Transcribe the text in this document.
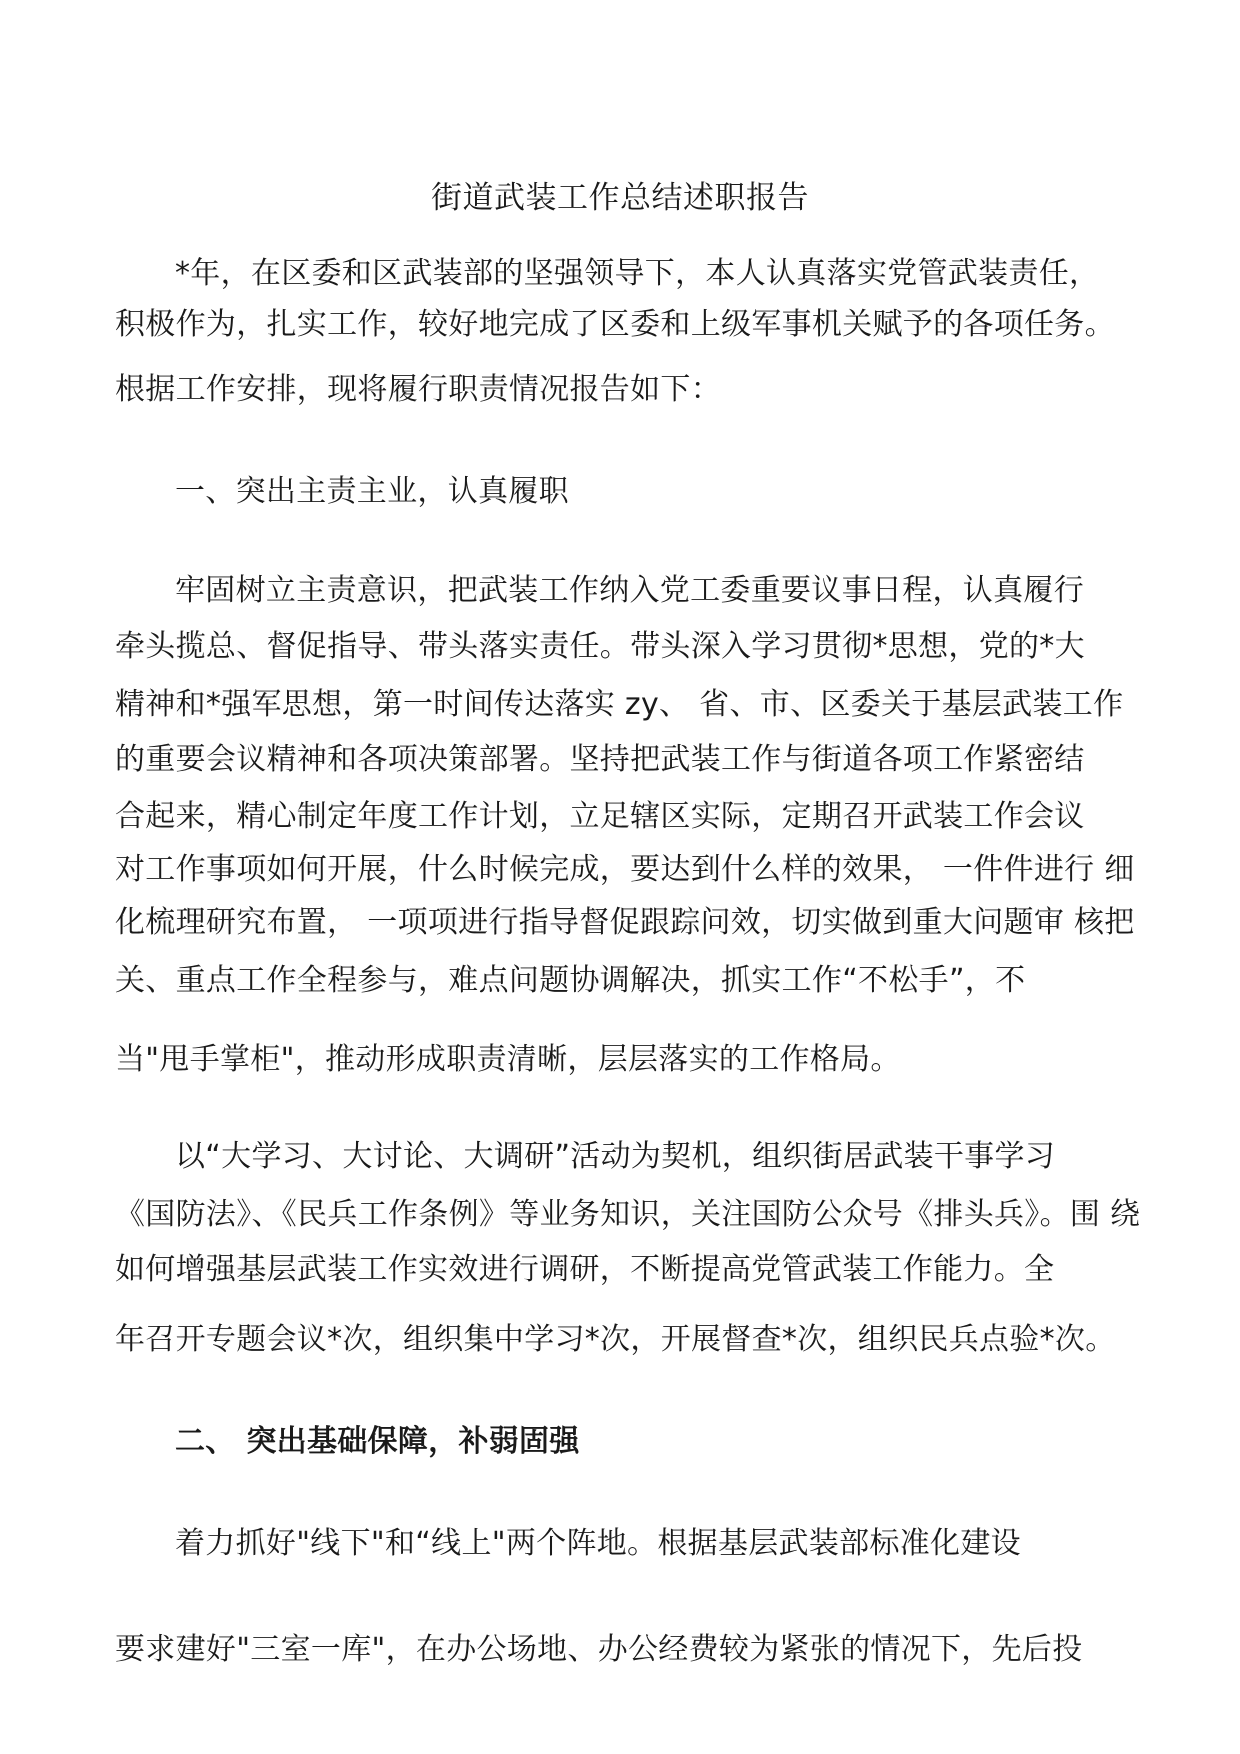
街道武装工作总结述职报告
*年，在区委和区武装部的坚强领导下，本人认真落实党管武装责任，
积极作为，扎实工作，较好地完成了区委和上级军事机关赋予的各项任务。
根据工作安排，现将履行职责情况报告如下：
一、突出主责主业，认真履职
牢固树立主责意识，把武装工作纳入党工委重要议事日程，认真履行
牵头揽总、督促指导、带头落实责任。带头深入学习贯彻*思想，党的*大
精神和*强军思想，第一时间传达落实 zy、 省、市、区委关于基层武装工作
的重要会议精神和各项决策部署。坚持把武装工作与街道各项工作紧密结
合起来，精心制定年度工作计划，立足辖区实际，定期召开武装工作会议
对工作事项如何开展，什么时候完成，要达到什么样的效果， 一件件进行 细
化梳理研究布置， 一项项进行指导督促跟踪问效，切实做到重大问题审 核把
关、重点工作全程参与，难点问题协调解决，抓实工作“不松手”，不
当"甩手掌柜"，推动形成职责清晰，层层落实的工作格局。
以“大学习、大讨论、大调研”活动为契机，组织街居武装干事学习
《国防法》、《民兵工作条例》等业务知识，关注国防公众号《排头兵》。围 绕
如何增强基层武装工作实效进行调研，不断提高党管武装工作能力。全
年召开专题会议*次，组织集中学习*次，开展督查*次，组织民兵点验*次。
二、 突出基础保障，补弱固强
着力抓好"线下"和“线上"两个阵地。根据基层武装部标准化建设
要求建好"三室一库"，在办公场地、办公经费较为紧张的情况下，先后投
